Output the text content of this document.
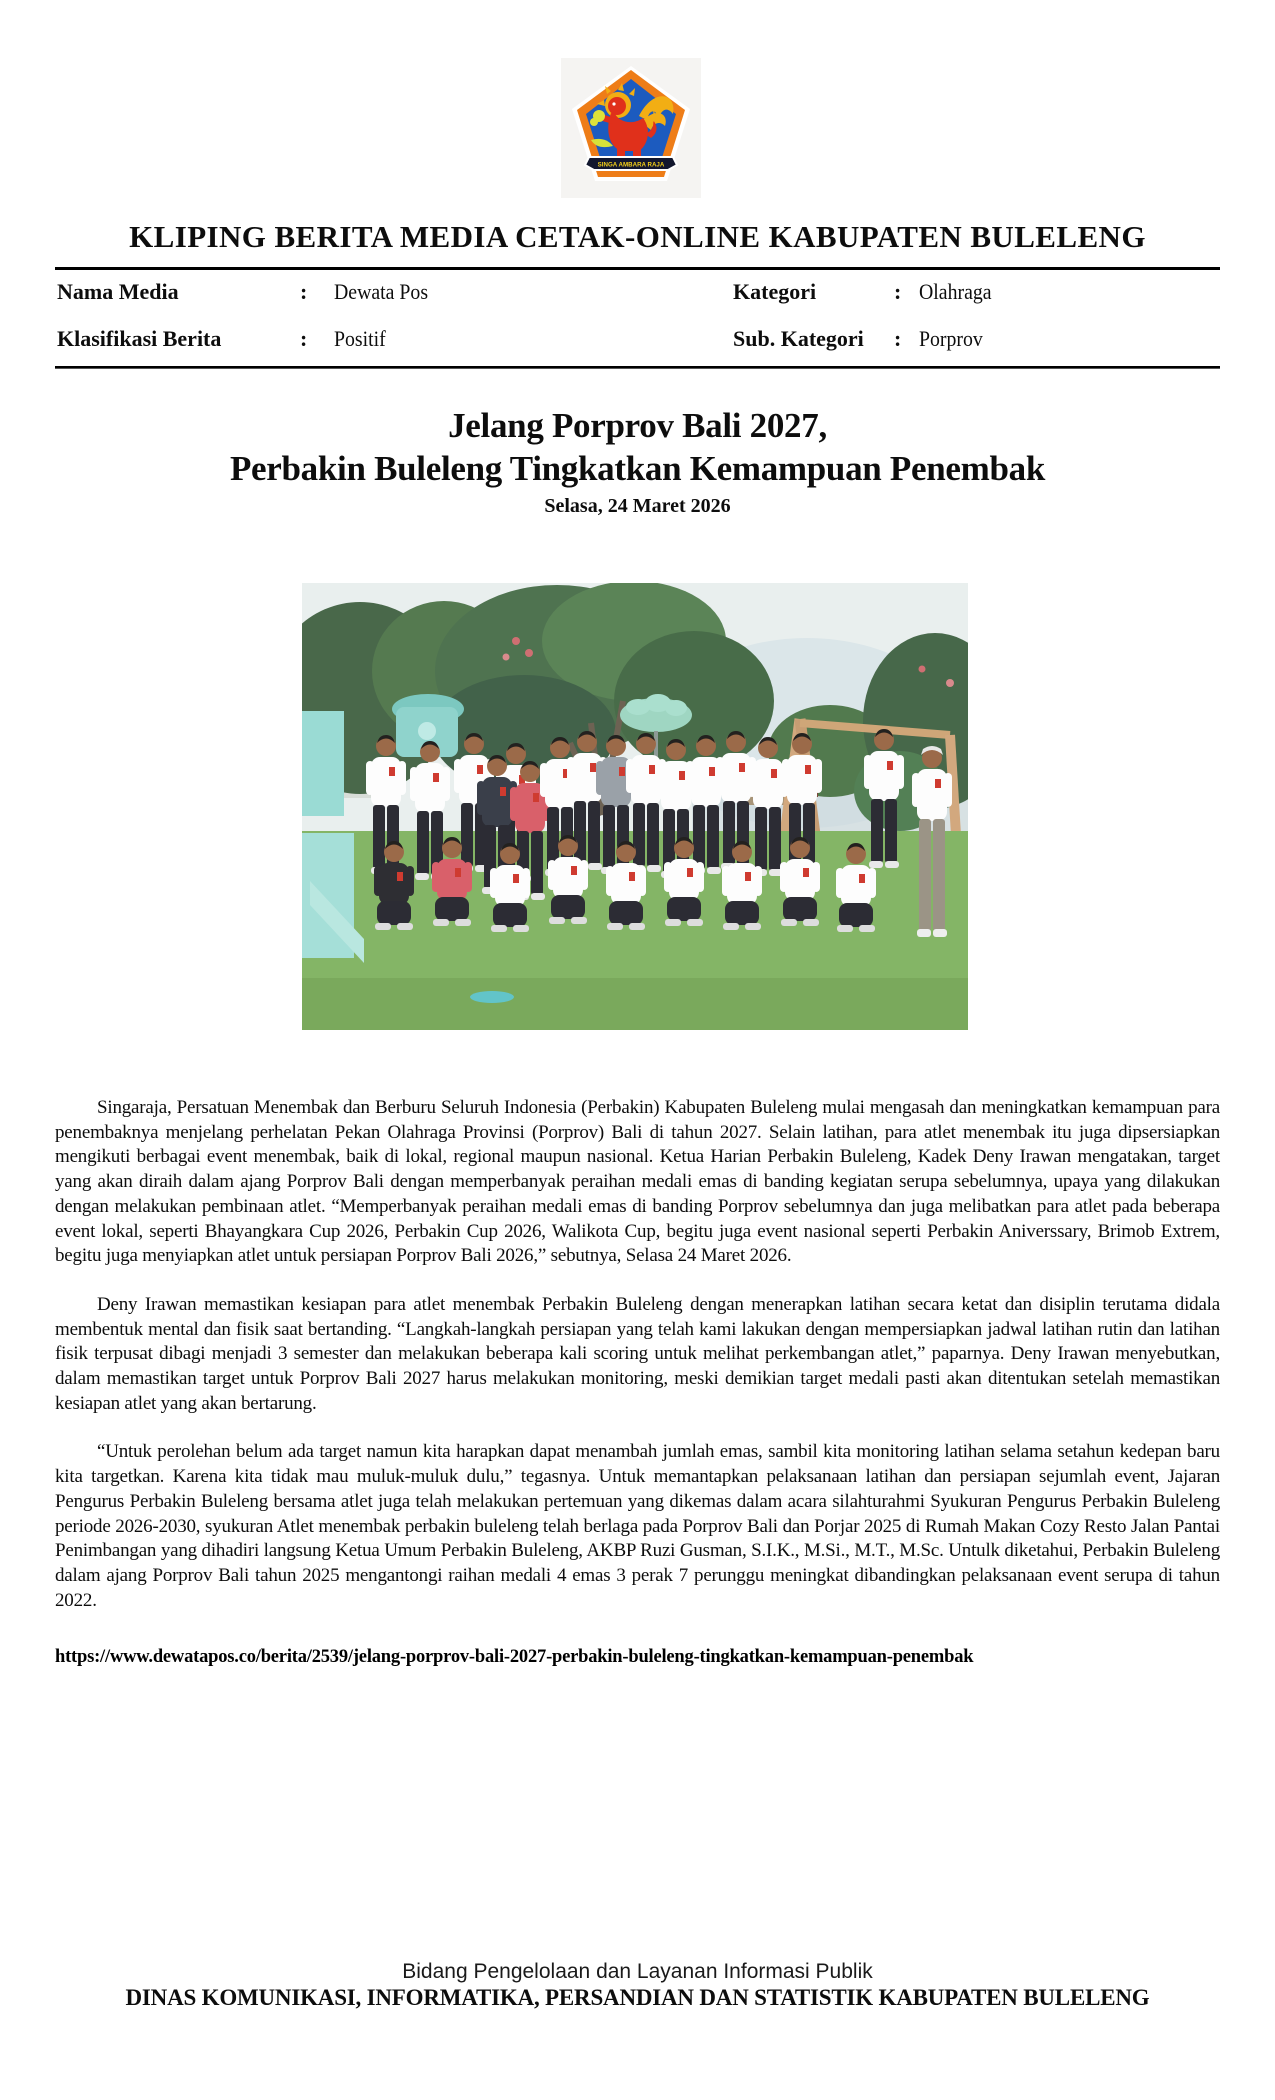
SINGA AMBARA RAJA
KLIPING BERITA MEDIA CETAK-ONLINE KABUPATEN BULELENG
Nama Media	: Dewata Pos	Kategori	: Olahraga
Klasifikasi Berita	: Positif	Sub. Kategori : Porprov
Jelang Porprov Bali 2027,
Perbakin Buleleng Tingkatkan Kemampuan Penembak
Selasa, 24 Maret 2026

Singaraja, Persatuan Menembak dan Berburu Seluruh Indonesia (Perbakin) Kabupaten Buleleng mulai mengasah dan meningkatkan kemampuan para penembaknya menjelang perhelatan Pekan Olahraga Provinsi (Porprov) Bali di tahun 2027. Selain latihan, para atlet menembak itu juga dipsersiapkan mengikuti berbagai event menembak, baik di lokal, regional maupun nasional. Ketua Harian Perbakin Buleleng, Kadek Deny Irawan mengatakan, target yang akan diraih dalam ajang Porprov Bali dengan memperbanyak peraihan medali emas di banding kegiatan serupa sebelumnya, upaya yang dilakukan dengan melakukan pembinaan atlet. “Memperbanyak peraihan medali emas di banding Porprov sebelumnya dan juga melibatkan para atlet pada beberapa event lokal, seperti Bhayangkara Cup 2026, Perbakin Cup 2026, Walikota Cup, begitu juga event nasional seperti Perbakin Aniverssary, Brimob Extrem, begitu juga menyiapkan atlet untuk persiapan Porprov Bali 2026,” sebutnya, Selasa 24 Maret 2026.

Deny Irawan memastikan kesiapan para atlet menembak Perbakin Buleleng dengan menerapkan latihan secara ketat dan disiplin terutama didala membentuk mental dan fisik saat bertanding. “Langkah-langkah persiapan yang telah kami lakukan dengan mempersiapkan jadwal latihan rutin dan latihan fisik terpusat dibagi menjadi 3 semester dan melakukan beberapa kali scoring untuk melihat perkembangan atlet,” paparnya. Deny Irawan menyebutkan, dalam memastikan target untuk Porprov Bali 2027 harus melakukan monitoring, meski demikian target medali pasti akan ditentukan setelah memastikan kesiapan atlet yang akan bertarung.

“Untuk perolehan belum ada target namun kita harapkan dapat menambah jumlah emas, sambil kita monitoring latihan selama setahun kedepan baru kita targetkan. Karena kita tidak mau muluk-muluk dulu,” tegasnya. Untuk memantapkan pelaksanaan latihan dan persiapan sejumlah event, Jajaran Pengurus Perbakin Buleleng bersama atlet juga telah melakukan pertemuan yang dikemas dalam acara silahturahmi Syukuran Pengurus Perbakin Buleleng periode 2026-2030, syukuran Atlet menembak perbakin buleleng telah berlaga pada Porprov Bali dan Porjar 2025 di Rumah Makan Cozy Resto Jalan Pantai Penimbangan yang dihadiri langsung Ketua Umum Perbakin Buleleng, AKBP Ruzi Gusman, S.I.K., M.Si., M.T., M.Sc. Untulk diketahui, Perbakin Buleleng dalam ajang Porprov Bali tahun 2025 mengantongi raihan medali 4 emas 3 perak 7 perunggu meningkat dibandingkan pelaksanaan event serupa di tahun 2022.

https://www.dewatapos.co/berita/2539/jelang-porprov-bali-2027-perbakin-buleleng-tingkatkan-kemampuan-penembak
Bidang Pengelolaan dan Layanan Informasi Publik
DINAS KOMUNIKASI, INFORMATIKA, PERSANDIAN DAN STATISTIK KABUPATEN BULELENG
